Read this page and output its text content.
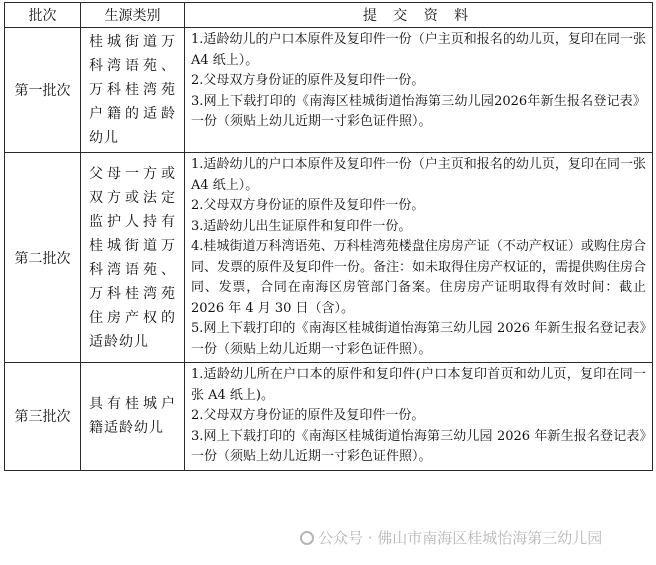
批次	生源类别	提 交 资 料
第一批次	桂城街道万科湾语苑、万科桂湾苑户籍的适龄幼儿	1.适龄幼儿的户口本原件及复印件一份（户主页和报名的幼儿页，复印在同一张 A4 纸上）。

2.父母双方身份证的原件及复印件一份。

3.网上下载打印的《南海区桂城街道怡海第三幼儿园2026年新生报名登记表》一份（须贴上幼儿近期一寸彩色证件照）。

第二批次	父母一方或双方或法定监护人持有桂城街道万科湾语苑、万科桂湾苑住房产权的适龄幼儿	1.适龄幼儿的户口本原件及复印件一份（户主页和报名的幼儿页，复印在同一张 A4 纸上）。

2.父母双方身份证的原件及复印件一份。

3.适龄幼儿出生证原件和复印件一份。

4.桂城街道万科湾语苑、万科桂湾苑楼盘住房房产证（不动产权证）或购住房合同、发票的原件及复印件一份。备注：如未取得住房产权证的，需提供购住房合同、发票，合同在南海区房管部门备案。住房房产证明取得有效时间：截止 2026 年 4 月 30 日（含）。

5.网上下载打印的《南海区桂城街道怡海第三幼儿园 2026 年新生报名登记表》一份（须贴上幼儿近期一寸彩色证件照）。

第三批次	具有桂城户籍适龄幼儿	1.适龄幼儿所在户口本的原件和复印件(户口本复印首页和幼儿页，复印在同一张 A4 纸上)。

2.父母双方身份证的原件及复印件一份。

3.网上下载打印的《南海区桂城街道怡海第三幼儿园 2026 年新生报名登记表》一份（须贴上幼儿近期一寸彩色证件照）。

公众号 · 佛山市南海区桂城怡海第三幼儿园
